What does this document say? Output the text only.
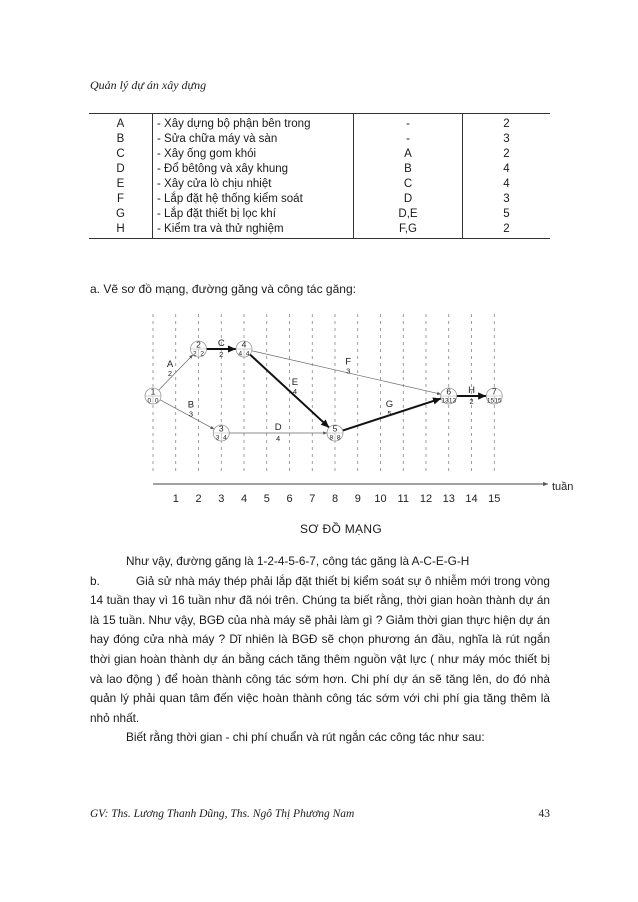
Quản lý dự án xây dựng
A	- Xây dựng bộ phận bên trong	-	2
B	- Sửa chữa máy và sàn	-	3
C	- Xây ống gom khói	A	2
D	- Đổ bêtông và xây khung	B	4
E	- Xây cửa lò chịu nhiệt	C	4
F	- Lắp đặt hệ thống kiểm soát	D	3
G	- Lắp đặt thiết bị lọc khí	D,E	5
H	- Kiểm tra và thử nghiệm	F,G	2
a. Vẽ sơ đồ mạng, đường găng và công tác găng:
1 2 3 4 5 6 7 8 9 10 11 12 13 14 15
tuần
A
2
B
3
C
2
D
4
E
4
F
3
G
5
H
2
1
0 0
2
2 2
3
3 4
4
4 4
5
8 8
6
13 13
7
15 15
SƠ ĐỒ MẠNG

Như vậy, đường găng là 1-2-4-5-6-7, công tác găng là A-C-E-G-H

b.	Giả sử nhà máy thép phải lắp đặt thiết bị kiểm soát sự ô nhiễm mới trong vòng 14 tuần thay vì 16 tuần như đã nói trên. Chúng ta biết rằng, thời gian hoàn thành dự án là 15 tuần. Như vậy, BGĐ của nhà máy sẽ phải làm gì ? Giảm thời gian thực hiện dự án hay đóng cửa nhà máy ? Dĩ nhiên là BGĐ sẽ chọn phương án đầu, nghĩa là rút ngắn thời gian hoàn thành dự án bằng cách tăng thêm nguồn vật lực ( như máy móc thiết bị và lao động ) để hoàn thành công tác sớm hơn. Chi phí dự án sẽ tăng lên, do đó nhà quản lý phải quan tâm đến việc hoàn thành công tác sớm với chi phí gia tăng thêm là nhỏ nhất.

Biết rằng thời gian - chi phí chuẩn và rút ngắn các công tác như sau:

GV: Ths. Lương Thanh Dũng, Ths. Ngô Thị Phương Nam	43
